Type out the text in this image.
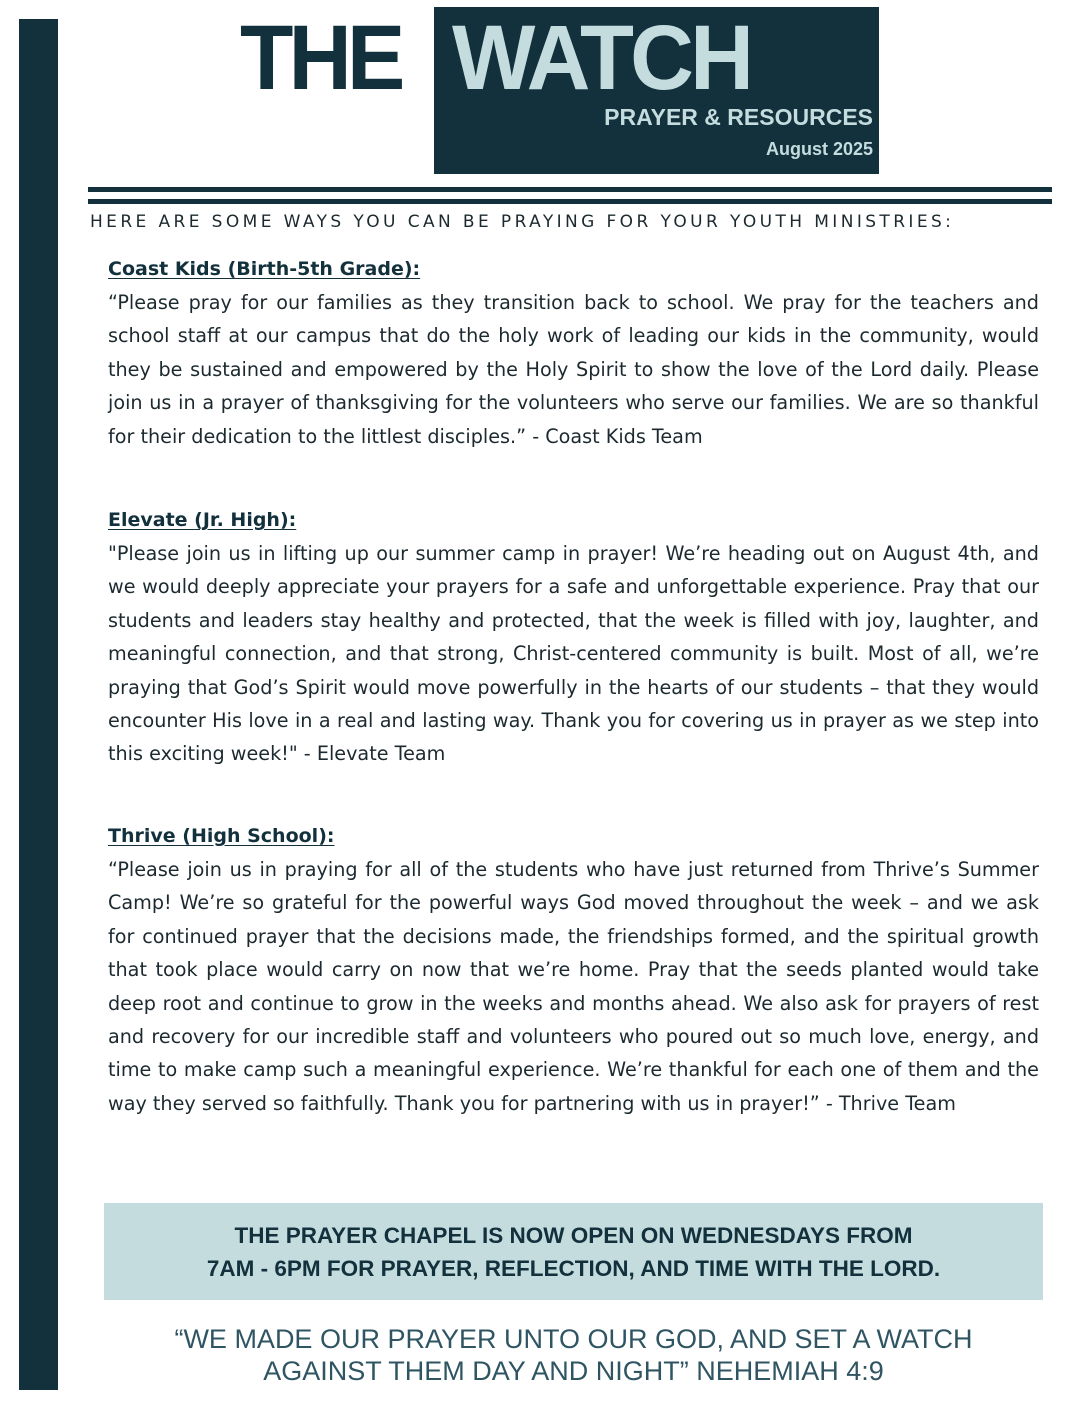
THE WATCH
PRAYER & RESOURCES
August 2025
HERE ARE SOME WAYS YOU CAN BE PRAYING FOR YOUR YOUTH MINISTRIES:
Coast Kids (Birth-5th Grade):

“Please pray for our families as they transition back to school. We pray for the teachers and school staff at our campus that do the holy work of leading our kids in the community, would they be sustained and empowered by the Holy Spirit to show the love of the Lord daily. Please join us in a prayer of thanksgiving for the volunteers who serve our families. We are so thankful for their dedication to the littlest disciples.” - Coast Kids Team

Elevate (Jr. High):

"Please join us in lifting up our summer camp in prayer! We’re heading out on August 4th, and we would deeply appreciate your prayers for a safe and unforgettable experience. Pray that our students and leaders stay healthy and protected, that the week is filled with joy, laughter, and meaningful connection, and that strong, Christ-centered community is built. Most of all, we’re praying that God’s Spirit would move powerfully in the hearts of our students – that they would encounter His love in a real and lasting way. Thank you for covering us in prayer as we step into this exciting week!" - Elevate Team

Thrive (High School):

“Please join us in praying for all of the students who have just returned from Thrive’s Summer Camp! We’re so grateful for the powerful ways God moved throughout the week – and we ask for continued prayer that the decisions made, the friendships formed, and the spiritual growth that took place would carry on now that we’re home. Pray that the seeds planted would take deep root and continue to grow in the weeks and months ahead. We also ask for prayers of rest and recovery for our incredible staff and volunteers who poured out so much love, energy, and time to make camp such a meaningful experience. We’re thankful for each one of them and the way they served so faithfully. Thank you for partnering with us in prayer!” - Thrive Team

THE PRAYER CHAPEL IS NOW OPEN ON WEDNESDAYS FROM
7AM - 6PM FOR PRAYER, REFLECTION, AND TIME WITH THE LORD.
“WE MADE OUR PRAYER UNTO OUR GOD, AND SET A WATCH
AGAINST THEM DAY AND NIGHT” NEHEMIAH 4:9
